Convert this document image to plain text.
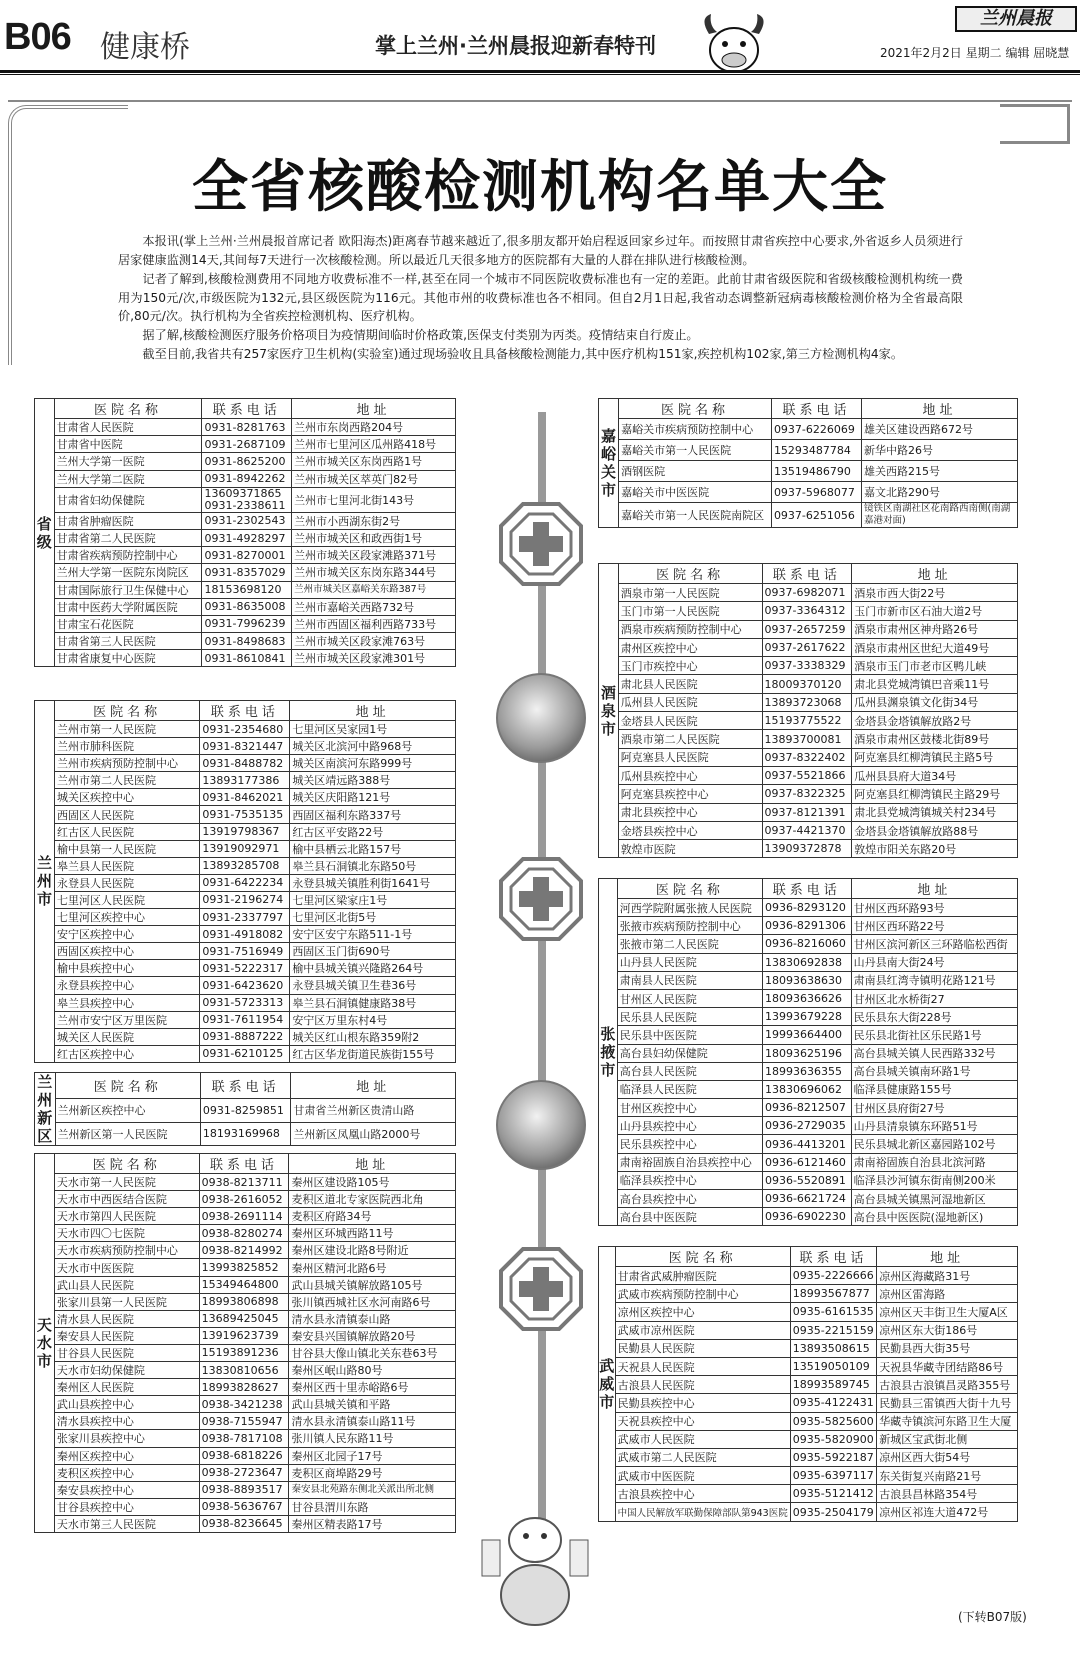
B06 健康桥	掌上兰州·兰州晨报迎新春特刊
兰州晨报
2021年2月2日 星期二 编辑 屈晓慧
全省核酸检测机构名单大全

本报讯(掌上兰州·兰州晨报首席记者 欧阳海杰)距离春节越来越近了,很多朋友都开始启程返回家乡过年。而按照甘肃省疾控中心要求,外省返乡人员须进行居家健康监测14天,其间每7天进行一次核酸检测。所以最近几天很多地方的医院都有大量的人群在排队进行核酸检测。

记者了解到,核酸检测费用不同地方收费标准不一样,甚至在同一个城市不同医院收费标准也有一定的差距。此前甘肃省级医院和省级核酸检测机构统一费用为150元/次,市级医院为132元,县区级医院为116元。其他市州的收费标准也各不相同。但自2月1日起,我省动态调整新冠病毒核酸检测价格为全省最高限价,80元/次。执行机构为全省疾控检测机构、医疗机构。

据了解,核酸检测医疗服务价格项目为疫情期间临时价格政策,医保支付类别为丙类。疫情结束自行废止。

截至目前,我省共有257家医疗卫生机构(实验室)通过现场验收且具备核酸检测能力,其中医疗机构151家,疾控机构102家,第三方检测机构4家。

省
级	医院名称	联系电话	地址
	甘肃省人民医院	0931-8281763	兰州市东岗西路204号
	甘肃省中医院	0931-2687109	兰州市七里河区瓜州路418号
	兰州大学第一医院	0931-8625200	兰州市城关区东岗西路1号
	兰州大学第二医院	0931-8942262	兰州市城关区萃英门82号
	甘肃省妇幼保健院	13609371865 0931-2338611	兰州市七里河北街143号
	甘肃省肿瘤医院	0931-2302543	兰州市小西湖东街2号
	甘肃省第二人民医院	0931-4928297	兰州市城关区和政西街1号
	甘肃省疾病预防控制中心	0931-8270001	兰州市城关区段家滩路371号
	兰州大学第一医院东岗院区	0931-8357029	兰州市城关区东岗东路344号
	甘肃国际旅行卫生保健中心	18153698120	兰州市城关区嘉峪关东路387号
	甘肃中医药大学附属医院	0931-8635008	兰州市嘉峪关西路732号
	甘肃宝石花医院	0931-7996239	兰州市西固区福利西路733号
	甘肃省第三人民医院	0931-8498683	兰州市城关区段家滩763号
	甘肃省康复中心医院	0931-8610841	兰州市城关区段家滩301号
兰
州
市	医院名称	联系电话	地址
	兰州市第一人民医院	0931-2354680	七里河区吴家园1号
	兰州市肺科医院	0931-8321447	城关区北滨河中路968号
	兰州市疾病预防控制中心	0931-8488782	城关区南滨河东路999号
	兰州市第二人民医院	13893177386	城关区靖远路388号
	城关区疾控中心	0931-8462021	城关区庆阳路121号
	西固区人民医院	0931-7535135	西固区福利东路337号
	红古区人民医院	13919798367	红古区平安路22号
	榆中县第一人民医院	13919092971	榆中县栖云北路157号
	皋兰县人民医院	13893285708	皋兰县石洞镇北东路50号
	永登县人民医院	0931-6422234	永登县城关镇胜利街1641号
	七里河区人民医院	0931-2196274	七里河区梁家庄1号
	七里河区疾控中心	0931-2337797	七里河区北街5号
	安宁区疾控中心	0931-4918082	安宁区安宁东路511-1号
	西固区疾控中心	0931-7516949	西固区玉门街690号
	榆中县疾控中心	0931-5222317	榆中县城关镇兴隆路264号
	永登县疾控中心	0931-6423620	永登县城关镇卫生巷36号
	皋兰县疾控中心	0931-5723313	皋兰县石洞镇健康路38号
	兰州市安宁区万里医院	0931-7611954	安宁区万里东村4号
	城关区人民医院	0931-8887222	城关区红山根东路359附2
	红古区疾控中心	0931-6210125	红古区华龙街道民族街155号
兰
州
新
区	医院名称	联系电话	地址
	兰州新区疾控中心	0931-8259851	甘肃省兰州新区贵清山路
	兰州新区第一人民医院	18193169968	兰州新区凤凰山路2000号
天
水
市	医院名称	联系电话	地址
	天水市第一人民医院	0938-8213711	秦州区建设路105号
	天水市中西医结合医院	0938-2616052	麦积区道北专家医院西北角
	天水市第四人民医院	0938-2691114	麦积区府路34号
	天水市四〇七医院	0938-8280274	秦州区环城西路11号
	天水市疾病预防控制中心	0938-8214992	秦州区建设北路8号附近
	天水市中医医院	13993825852	秦州区精河北路6号
	武山县人民医院	15349464800	武山县城关镇解放路105号
	张家川县第一人民医院	18993806898	张川镇西城社区水河南路6号
	清水县人民医院	13689425045	清水县永清镇泰山路
	秦安县人民医院	13919623739	秦安县兴国镇解放路20号
	甘谷县人民医院	15193891236	甘谷县大像山镇北关东巷63号
	天水市妇幼保健院	13830810656	秦州区岷山路80号
	秦州区人民医院	18993828627	秦州区西十里赤峪路6号
	武山县疾控中心	0938-3421238	武山县城关镇和平路
	清水县疾控中心	0938-7155947	清水县永清镇泰山路11号
	张家川县疾控中心	0938-7817108	张川镇人民东路11号
	秦州区疾控中心	0938-6818226	秦州区北园子17号
	麦积区疾控中心	0938-2723647	麦积区商埠路29号
	秦安县疾控中心	0938-8893517	秦安县北苑路东侧北关派出所北侧
	甘谷县疾控中心	0938-5636767	甘谷县渭川东路
	天水市第三人民医院	0938-8236645	秦州区精表路17号
嘉
峪
关
市	医院名称	联系电话	地址
	嘉峪关市疾病预防控制中心	0937-6226069	雄关区建设西路672号
	嘉峪关市第一人民医院	15293487784	新华中路26号
	酒钢医院	13519486790	雄关西路215号
	嘉峪关市中医医院	0937-5968077	嘉文北路290号
	嘉峪关市第一人民医院南院区	0937-6251056	镜铁区南湖社区花南路西南侧(南湖嘉港对面)
酒
泉
市	医院名称	联系电话	地址
	酒泉市第一人民医院	0937-6982071	酒泉市西大街22号
	玉门市第一人民医院	0937-3364312	玉门市新市区石油大道2号
	酒泉市疾病预防控制中心	0937-2657259	酒泉市肃州区神舟路26号
	肃州区疾控中心	0937-2617622	酒泉市肃州区世纪大道49号
	玉门市疾控中心	0937-3338329	酒泉市玉门市老市区鸭儿峡
	肃北县人民医院	18009370120	肃北县党城湾镇巴音乘11号
	瓜州县人民医院	13893723068	瓜州县渊泉镇文化街34号
	金塔县人民医院	15193775522	金塔县金塔镇解放路2号
	酒泉市第二人民医院	13893700081	酒泉市肃州区鼓楼北街89号
	阿克塞县人民医院	0937-8322402	阿克塞县红柳湾镇民主路5号
	瓜州县疾控中心	0937-5521866	瓜州县县府大道34号
	阿克塞县疾控中心	0937-8322325	阿克塞县红柳湾镇民主路29号
	肃北县疾控中心	0937-8121391	肃北县党城湾镇城关村234号
	金塔县疾控中心	0937-4421370	金塔县金塔镇解放路88号
	敦煌市医院	13909372878	敦煌市阳关东路20号
张
掖
市	医院名称	联系电话	地址
	河西学院附属张掖人民医院	0936-8293120	甘州区西环路93号
	张掖市疾病预防控制中心	0936-8291306	甘州区西环路22号
	张掖市第二人民医院	0936-8216060	甘州区滨河新区三环路临松西街
	山丹县人民医院	13830692838	山丹县南大街24号
	肃南县人民医院	18093638630	肃南县红湾寺镇明花路121号
	甘州区人民医院	18093636626	甘州区北水桥街27
	民乐县人民医院	13993679228	民乐县东大街228号
	民乐县中医医院	19993664400	民乐县北街社区乐民路1号
	高台县妇幼保健院	18093625196	高台县城关镇人民西路332号
	高台县人民医院	18993636355	高台县城关镇南环路1号
	临泽县人民医院	13830696062	临泽县健康路155号
	甘州区疾控中心	0936-8212507	甘州区县府街27号
	山丹县疾控中心	0936-2729035	山丹县清泉镇东环路51号
	民乐县疾控中心	0936-4413201	民乐县城北新区嘉园路102号
	肃南裕固族自治县疾控中心	0936-6121460	肃南裕固族自治县北滨河路
	临泽县疾控中心	0936-5520891	临泽县沙河镇东街南侧200米
	高台县疾控中心	0936-6621724	高台县城关镇黑河湿地新区
	高台县中医医院	0936-6902230	高台县中医医院(湿地新区)
武
威
市	医院名称	联系电话	地址
	甘肃省武威肿瘤医院	0935-2226666	凉州区海藏路31号
	武威市疾病预防控制中心	18993567877	凉州区雷海路
	凉州区疾控中心	0935-6161535	凉州区天丰街卫生大厦A区
	武威市凉州医院	0935-2215159	凉州区东大街186号
	民勤县人民医院	13893508615	民勤县西大街35号
	天祝县人民医院	13519050109	天祝县华藏寺团结路86号
	古浪县人民医院	18993589745	古浪县古浪镇昌灵路355号
	民勤县疾控中心	0935-4122431	民勤县三雷镇西大街十九号
	天祝县疾控中心	0935-5825600	华藏寺镇滨河东路卫生大厦
	武威市人民医院	0935-5820900	新城区宝武街北侧
	武威市第二人民医院	0935-5922187	凉州区西大街54号
	武威市中医医院	0935-6397117	东关街复兴南路21号
	古浪县疾控中心	0935-5121412	古浪县昌林路354号
	中国人民解放军联勤保障部队第943医院	0935-2504179	凉州区祁连大道472号
(下转B07版)
